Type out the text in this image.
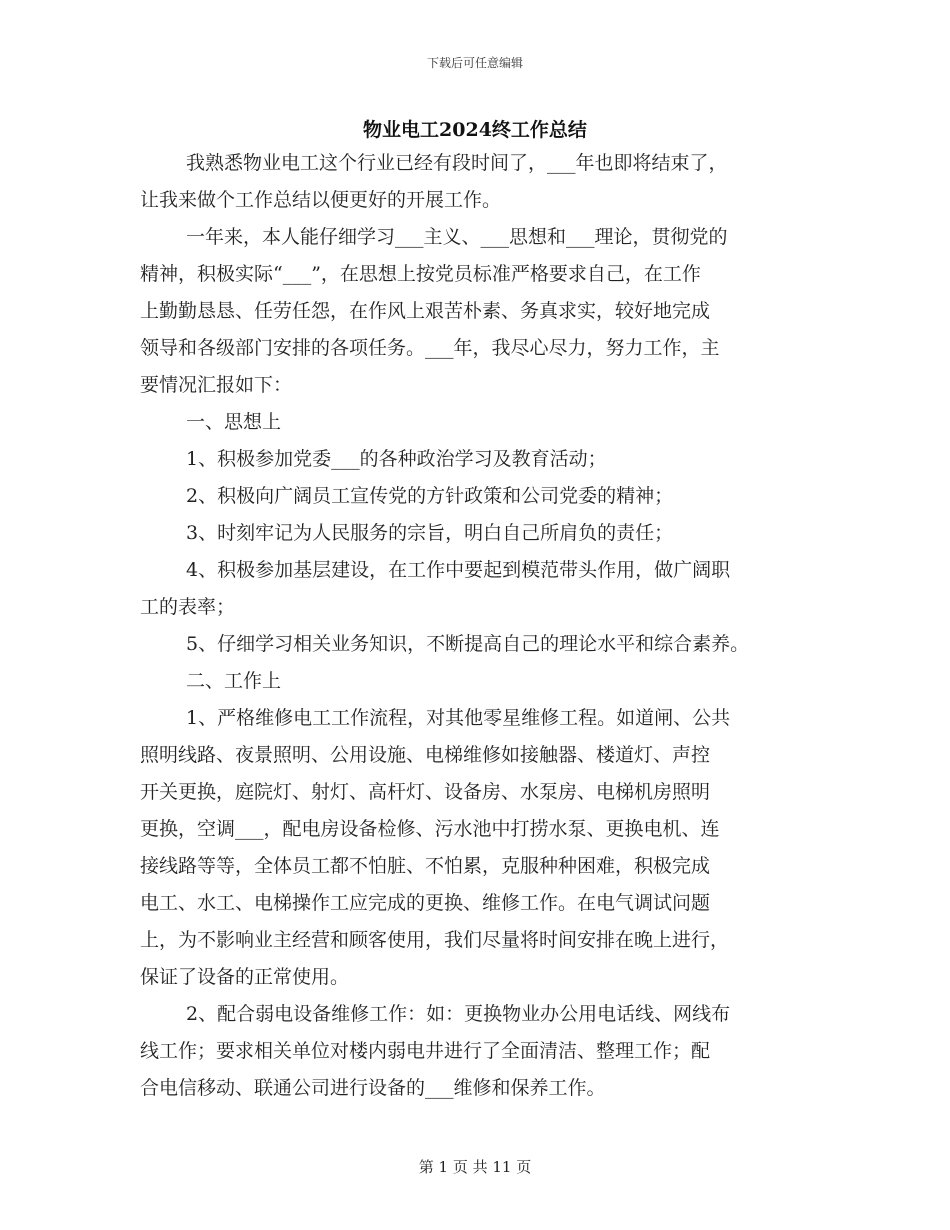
下载后可任意编辑
物业电工2024终工作总结
我熟悉物业电工这个行业已经有段时间了，___年也即将结束了，
让我来做个工作总结以便更好的开展工作。
一年来，本人能仔细学习___主义、___思想和___理论，贯彻党的
精神，积极实际“___”，在思想上按党员标准严格要求自己，在工作
上勤勤恳恳、任劳任怨，在作风上艰苦朴素、务真求实，较好地完成
领导和各级部门安排的各项任务。___年，我尽心尽力，努力工作，主
要情况汇报如下：
一、思想上
1、积极参加党委___的各种政治学习及教育活动；
2、积极向广阔员工宣传党的方针政策和公司党委的精神；
3、时刻牢记为人民服务的宗旨，明白自己所肩负的责任；
4、积极参加基层建设，在工作中要起到模范带头作用，做广阔职
工的表率；
5、仔细学习相关业务知识，不断提高自己的理论水平和综合素养。
二、工作上
1、严格维修电工工作流程，对其他零星维修工程。如道闸、公共
照明线路、夜景照明、公用设施、电梯维修如接触器、楼道灯、声控
开关更换，庭院灯、射灯、高杆灯、设备房、水泵房、电梯机房照明
更换，空调___，配电房设备检修、污水池中打捞水泵、更换电机、连
接线路等等，全体员工都不怕脏、不怕累，克服种种困难，积极完成
电工、水工、电梯操作工应完成的更换、维修工作。在电气调试问题
上，为不影响业主经营和顾客使用，我们尽量将时间安排在晚上进行，
保证了设备的正常使用。
2、配合弱电设备维修工作：如：更换物业办公用电话线、网线布
线工作；要求相关单位对楼内弱电井进行了全面清洁、整理工作；配
合电信移动、联通公司进行设备的___维修和保养工作。
第 1 页 共 11 页
